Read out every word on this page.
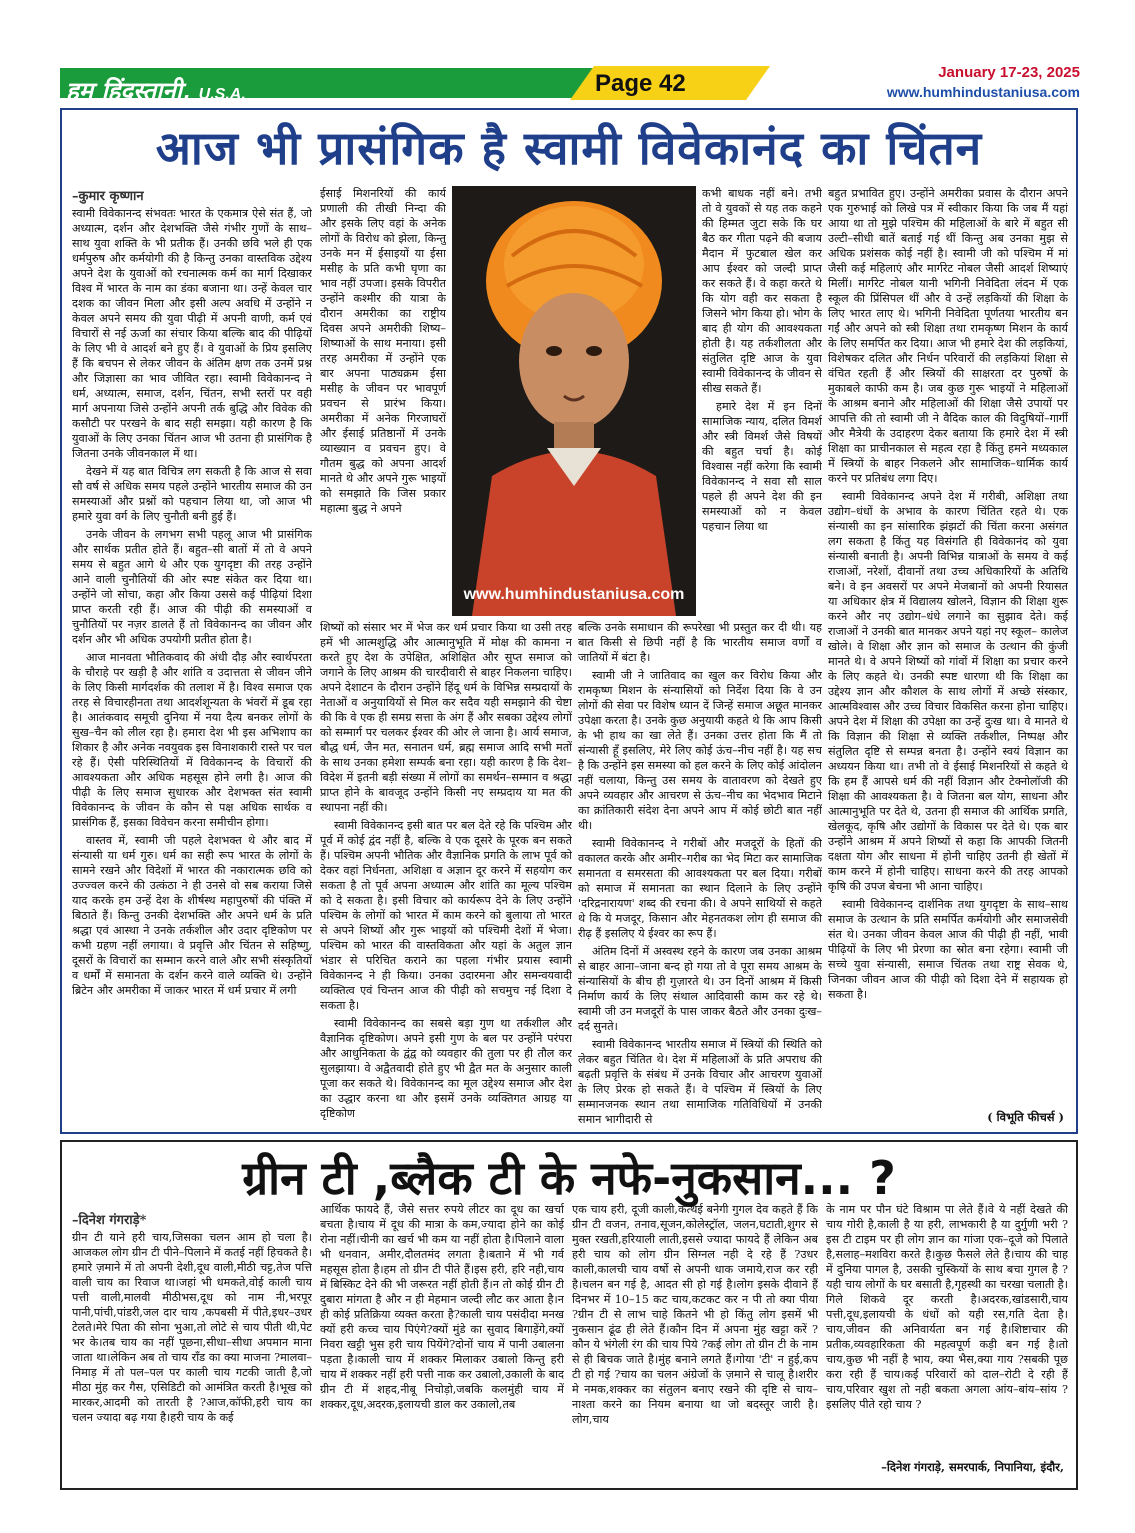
हम हिंदुस्तानी, U.S.A.	Page 42	January 17-23, 2025
www.humhindustaniusa.com
आज भी प्रासंगिक है स्वामी विवेकानंद का चिंतन
–कुमार कृष्णान

स्वामी विवेकानन्द संभवतः भारत के एकमात्र ऐसे संत हैं, जो अध्यात्म, दर्शन और देशभक्ति जैसे गंभीर गुणों के साथ–साथ युवा शक्ति के भी प्रतीक हैं। उनकी छवि भले ही एक धर्मपुरुष और कर्मयोगी की है किन्तु उनका वास्तविक उद्देश्य अपने देश के युवाओं को रचनात्मक कर्म का मार्ग दिखाकर विश्व में भारत के नाम का डंका बजाना था। उन्हें केवल चार दशक का जीवन मिला और इसी अल्प अवधि में उन्होंने न केवल अपने समय की युवा पीढ़ी में अपनी वाणी, कर्म एवं विचारों से नई ऊर्जा का संचार किया बल्कि बाद की पीढ़ियों के लिए भी वे आदर्श बने हुए हैं। वे युवाओं के प्रिय इसलिए हैं कि बचपन से लेकर जीवन के अंतिम क्षण तक उनमें प्रश्न और जिज्ञासा का भाव जीवित रहा। स्वामी विवेकानन्द ने धर्म, अध्यात्म, समाज, दर्शन, चिंतन, सभी स्तरों पर वही मार्ग अपनाया जिसे उन्होंने अपनी तर्क बुद्धि और विवेक की कसौटी पर परखने के बाद सही समझा। यही कारण है कि युवाओं के लिए उनका चिंतन आज भी उतना ही प्रासंगिक है जितना उनके जीवनकाल में था।

देखने में यह बात विचित्र लग सकती है कि आज से सवा सौ वर्ष से अधिक समय पहले उन्होंने भारतीय समाज की उन समस्याओं और प्रश्नों को पहचान लिया था, जो आज भी हमारे युवा वर्ग के लिए चुनौती बनी हुई हैं।

उनके जीवन के लगभग सभी पहलू आज भी प्रासंगिक और सार्थक प्रतीत होते हैं। बहुत–सी बातों में तो वे अपने समय से बहुत आगे थे और एक युगदृष्टा की तरह उन्होंने आने वाली चुनौतियों की ओर स्पष्ट संकेत कर दिया था। उन्होंने जो सोचा, कहा और किया उससे कई पीढ़ियां दिशा प्राप्त करती रही हैं। आज की पीढ़ी की समस्याओं व चुनौतियों पर नज़र डालते हैं तो विवेकानन्द का जीवन और दर्शन और भी अधिक उपयोगी प्रतीत होता है।

आज मानवता भौतिकवाद की अंधी दौड़ और स्वार्थपरता के चौराहे पर खड़ी है और शांति व उदात्तता से जीवन जीने के लिए किसी मार्गदर्शक की तलाश में है। विश्व समाज एक तरह से विचारहीनता तथा आदर्शशून्यता के भंवरों में डूब रहा है। आतंकवाद समूची दुनिया में नया दैत्य बनकर लोगों के सुख–चैन को लील रहा है। हमारा देश भी इस अभिशाप का शिकार है और अनेक नवयुवक इस विनाशकारी रास्ते पर चल रहे हैं। ऐसी परिस्थितियों में विवेकानन्द के विचारों की आवश्यकता और अधिक महसूस होने लगी है। आज की पीढ़ी के लिए समाज सुधारक और देशभक्त संत स्वामी विवेकानन्द के जीवन के कौन से पक्ष अधिक सार्थक व प्रासंगिक हैं, इसका विवेचन करना समीचीन होगा।

वास्तव में, स्वामी जी पहले देशभक्त थे और बाद में संन्यासी या धर्म गुरु। धर्म का सही रूप भारत के लोगों के सामने रखने और विदेशों में भारत की नकारात्मक छवि को उज्ज्वल करने की उत्कंठा ने ही उनसे वो सब कराया जिसे याद करके हम उन्हें देश के शीर्षस्थ महापुरुषों की पंक्ति में बिठाते हैं। किन्तु उनकी देशभक्ति और अपने धर्म के प्रति श्रद्धा एवं आस्था ने उनके तर्कशील और उदार दृष्टिकोण पर कभी ग्रहण नहीं लगाया। वे प्रवृत्ति और चिंतन से सहिष्णु, दूसरों के विचारों का सम्मान करने वाले और सभी संस्कृतियों व धर्मों में समानता के दर्शन करने वाले व्यक्ति थे। उन्होंने ब्रिटेन और अमरीका में जाकर भारत में धर्म प्रचार में लगी

ईसाई मिशनरियों की कार्य प्रणाली की तीखी निन्दा की और इसके लिए वहां के अनेक लोगों के विरोध को झेला, किन्तु उनके मन में ईसाइयों या ईसा मसीह के प्रति कभी घृणा का भाव नहीं उपजा। इसके विपरीत उन्होंने कश्मीर की यात्रा के दौरान अमरीका का राष्ट्रीय दिवस अपने अमरीकी शिष्य–शिष्याओं के साथ मनाया। इसी तरह अमरीका में उन्होंने एक बार अपना पाठ्यक्रम ईसा मसीह के जीवन पर भावपूर्ण प्रवचन से प्रारंभ किया। अमरीका में अनेक गिरजाघरों और ईसाई प्रतिष्ठानों में उनके व्याख्यान व प्रवचन हुए। वे गौतम बुद्ध को अपना आदर्श मानते थे और अपने गुरू भाइयों को समझाते कि जिस प्रकार महात्मा बुद्ध ने अपने

www.humhindustaniusa.com

कभी बाधक नहीं बने। तभी तो वे युवकों से यह तक कहने की हिम्मत जुटा सके कि घर बैठ कर गीता पढ़ने की बजाय मैदान में फुटबाल खेल कर आप ईश्वर को जल्दी प्राप्त कर सकते हैं। वे कहा करते थे कि योग वही कर सकता है जिसने भोग किया हो। भोग के बाद ही योग की आवश्यकता होती है। यह तर्कशीलता और संतुलित दृष्टि आज के युवा स्वामी विवेकानन्द के जीवन से सीख सकते हैं।

हमारे देश में इन दिनों सामाजिक न्याय, दलित विमर्श और स्त्री विमर्श जैसे विषयों की बहुत चर्चा है। कोई विश्वास नहीं करेगा कि स्वामी विवेकानन्द ने सवा सौ साल पहले ही अपने देश की इन समस्याओं को न केवल पहचान लिया था

शिष्यों को संसार भर में भेज कर धर्म प्रचार किया था उसी तरह हमें भी आत्मशुद्धि और आत्मानुभूति में मोक्ष की कामना न करते हुए देश के उपेक्षित, अशिक्षित और सुप्त समाज को जगाने के लिए आश्रम की चारदीवारी से बाहर निकलना चाहिए। अपने देशाटन के दौरान उन्होंने हिंदू धर्म के विभिन्न सम्प्रदायों के नेताओं व अनुयायियों से मिल कर सदैव यही समझाने की चेष्टा की कि वे एक ही समग्र सत्ता के अंग हैं और सबका उद्देश्य लोगों को सम्मार्ग पर चलकर ईश्वर की ओर ले जाना है। आर्य समाज, बौद्ध धर्म, जैन मत, सनातन धर्म, ब्रह्म समाज आदि सभी मतों के साथ उनका हमेशा सम्पर्क बना रहा। यही कारण है कि देश–विदेश में इतनी बड़ी संख्या में लोगों का समर्थन–सम्मान व श्रद्धा प्राप्त होने के बावजूद उन्होंने किसी नए सम्प्रदाय या मत की स्थापना नहीं की।

स्वामी विवेकानन्द इसी बात पर बल देते रहे कि पश्चिम और पूर्व में कोई द्वंद नहीं है, बल्कि वे एक दूसरे के पूरक बन सकते हैं। पश्चिम अपनी भौतिक और वैज्ञानिक प्रगति के लाभ पूर्व को देकर वहां निर्धनता, अशिक्षा व अज्ञान दूर करने में सहयोग कर सकता है तो पूर्व अपना अध्यात्म और शांति का मूल्य पश्चिम को दे सकता है। इसी विचार को कार्यरूप देने के लिए उन्होंने पश्चिम के लोगों को भारत में काम करने को बुलाया तो भारत से अपने शिष्यों और गुरू भाइयों को पश्चिमी देशों में भेजा। पश्चिम को भारत की वास्तविकता और यहां के अतुल ज्ञान भंडार से परिचित कराने का पहला गंभीर प्रयास स्वामी विवेकानन्द ने ही किया। उनका उदारमना और समन्वयवादी व्यक्तित्व एवं चिन्तन आज की पीढ़ी को सचमुच नई दिशा दे सकता है।

स्वामी विवेकानन्द का सबसे बड़ा गुण था तर्कशील और वैज्ञानिक दृष्टिकोण। अपने इसी गुण के बल पर उन्होंने परंपरा और आधुनिकता के द्वंद्व को व्यवहार की तुला पर ही तौल कर सुलझाया। वे अद्वैतवादी होते हुए भी द्वैत मत के अनुसार काली पूजा कर सकते थे। विवेकानन्द का मूल उद्देश्य समाज और देश का उद्धार करना था और इसमें उनके व्यक्तिगत आग्रह या दृष्टिकोण

बल्कि उनके समाधान की रूपरेखा भी प्रस्तुत कर दी थी। यह बात किसी से छिपी नहीं है कि भारतीय समाज वर्णों व जातियों में बंटा है।

स्वामी जी ने जातिवाद का खुल कर विरोध किया और रामकृष्ण मिशन के संन्यासियों को निर्देश दिया कि वे उन लोगों की सेवा पर विशेष ध्यान दें जिन्हें समाज अछूत मानकर उपेक्षा करता है। उनके कुछ अनुयायी कहते थे कि आप किसी के भी हाथ का खा लेते हैं। उनका उत्तर होता कि मैं तो संन्यासी हूँ इसलिए, मेरे लिए कोई ऊंच–नीच नहीं है। यह सच है कि उन्होंने इस समस्या को हल करने के लिए कोई आंदोलन नहीं चलाया, किन्तु उस समय के वातावरण को देखते हुए अपने व्यवहार और आचरण से ऊंच–नीच का भेदभाव मिटाने का क्रांतिकारी संदेश देना अपने आप में कोई छोटी बात नहीं थी।

स्वामी विवेकानन्द ने गरीबों और मजदूरों के हितों की वकालत करके और अमीर–गरीब का भेद मिटा कर सामाजिक समानता व समरसता की आवश्यकता पर बल दिया। गरीबों को समाज में समानता का स्थान दिलाने के लिए उन्होंने 'दरिद्रनारायण' शब्द की रचना की। वे अपने साथियों से कहते थे कि ये मजदूर, किसान और मेहनतकश लोग ही समाज की रीढ़ हैं इसलिए ये ईश्वर का रूप हैं।

अंतिम दिनों में अस्वस्थ रहने के कारण जब उनका आश्रम से बाहर आना–जाना बन्द हो गया तो वे पूरा समय आश्रम के संन्यासियों के बीच ही गुज़ारते थे। उन दिनों आश्रम में किसी निर्माण कार्य के लिए संथाल आदिवासी काम कर रहे थे। स्वामी जी उन मजदूरों के पास जाकर बैठते और उनका दुःख–दर्द सुनते।

स्वामी विवेकानन्द भारतीय समाज में स्त्रियों की स्थिति को लेकर बहुत चिंतित थे। देश में महिलाओं के प्रति अपराध की बढ़ती प्रवृत्ति के संबंध में उनके विचार और आचरण युवाओं के लिए प्रेरक हो सकते हैं। वे पश्चिम में स्त्रियों के लिए सम्मानजनक स्थान तथा सामाजिक गतिविधियों में उनकी समान भागीदारी से

बहुत प्रभावित हुए। उन्होंने अमरीका प्रवास के दौरान अपने एक गुरुभाई को लिखे पत्र में स्वीकार किया कि जब मैं यहां आया था तो मुझे पश्चिम की महिलाओं के बारे में बहुत सी उल्टी–सीधी बातें बताई गई थीं किन्तु अब उनका मुझ से अधिक प्रशंसक कोई नहीं है। स्वामी जी को पश्चिम में मां जैसी कई महिलाएं और मार्गरेट नोबल जैसी आदर्श शिष्याएं मिलीं। मार्गरेट नोबल यानी भगिनी निवेदिता लंदन में एक स्कूल की प्रिंसिपल थीं और वे उन्हें लड़कियों की शिक्षा के लिए भारत लाए थे। भगिनी निवेदिता पूर्णतया भारतीय बन गईं और अपने को स्त्री शिक्षा तथा रामकृष्ण मिशन के कार्य के लिए समर्पित कर दिया। आज भी हमारे देश की लड़कियां, विशेषकर दलित और निर्धन परिवारों की लड़कियां शिक्षा से वंचित रहती हैं और स्त्रियों की साक्षरता दर पुरुषों के मुकाबले काफी कम है। जब कुछ गुरू भाइयों ने महिलाओं के आश्रम बनाने और महिलाओं की शिक्षा जैसे उपायों पर आपत्ति की तो स्वामी जी ने वैदिक काल की विदुषियों–गार्गी और मैत्रेयी के उदाहरण देकर बताया कि हमारे देश में स्त्री शिक्षा का प्राचीनकाल से महत्व रहा है किंतु हमने मध्यकाल में स्त्रियों के बाहर निकलने और सामाजिक–धार्मिक कार्य करने पर प्रतिबंध लगा दिए।

स्वामी विवेकानन्द अपने देश में गरीबी, अशिक्षा तथा उद्योग–धंधों के अभाव के कारण चिंतित रहते थे। एक संन्यासी का इन सांसारिक झंझटों की चिंता करना असंगत लग सकता है किंतु यह विसंगति ही विवेकानंद को युवा संन्यासी बनाती है। अपनी विभिन्न यात्राओं के समय वे कई राजाओं, नरेशों, दीवानों तथा उच्च अधिकारियों के अतिथि बने। वे इन अवसरों पर अपने मेजबानों को अपनी रियासत या अधिकार क्षेत्र में विद्यालय खोलने, विज्ञान की शिक्षा शुरू करने और नए उद्योग–धंधे लगाने का सुझाव देते। कई राजाओं ने उनकी बात मानकर अपने यहां नए स्कूल– कालेज खोले। वे शिक्षा और ज्ञान को समाज के उत्थान की कुंजी मानते थे। वे अपने शिष्यों को गांवों में शिक्षा का प्रचार करने के लिए कहते थे। उनकी स्पष्ट धारणा थी कि शिक्षा का उद्देश्य ज्ञान और कौशल के साथ लोगों में अच्छे संस्कार, आत्मविश्वास और उच्च विचार विकसित करना होना चाहिए। अपने देश में शिक्षा की उपेक्षा का उन्हें दुःख था। वे मानते थे कि विज्ञान की शिक्षा से व्यक्ति तर्कशील, निष्पक्ष और संतुलित दृष्टि से सम्पन्न बनता है। उन्होंने स्वयं विज्ञान का अध्ययन किया था। तभी तो वे ईसाई मिशनरियों से कहते थे कि हम हैं आपसे धर्म की नहीं विज्ञान और टेक्नोलॉजी की शिक्षा की आवश्यकता है। वे जितना बल योग, साधना और आत्मानुभूति पर देते थे, उतना ही समाज की आर्थिक प्रगति, खेलकूद, कृषि और उद्योगों के विकास पर देते थे। एक बार उन्होंने आश्रम में अपने शिष्यों से कहा कि आपकी जितनी दक्षता योग और साधना में होनी चाहिए उतनी ही खेतों में काम करने में होनी चाहिए। साधना करने की तरह आपको कृषि की उपज बेचना भी आना चाहिए।

स्वामी विवेकानन्द दार्शनिक तथा युगदृष्टा के साथ–साथ समाज के उत्थान के प्रति समर्पित कर्मयोगी और समाजसेवी संत थे। उनका जीवन केवल आज की पीढ़ी ही नहीं, भावी पीढ़ियों के लिए भी प्रेरणा का स्रोत बना रहेगा। स्वामी जी सच्चे युवा संन्यासी, समाज चिंतक तथा राष्ट्र सेवक थे, जिनका जीवन आज की पीढ़ी को दिशा देने में सहायक हो सकता है।

( विभूति फीचर्स )
ग्रीन टी ,ब्लैक टी के नफे-नुकसान... ?
–दिनेश गंगराड़े*

ग्रीन टी याने हरी चाय,जिसका चलन आम हो चला है।आजकल लोग ग्रीन टी पीने–पिलाने में कतई नहीं हिचकते है।हमारे ज़माने में तो अपनी देशी,दूध वाली,मीठी चट्ट,तेज पत्ति वाली चाय का रिवाज था।जहां भी धमकते,वोई काली चाय पत्ती वाली,मालवी मीठीभस,दूध को नाम नी,भरपूर पानी,पांची,पांडरी,जल दार चाय ,कपबसी में पीते,इधर–उधर टेलते।मेरे पिता की सोना भुआ,तो लोटे से चाय पीती थी,पेट भर के।तब चाय का नहीं पूछना,सीधा–सीधा अपमान माना जाता था।लेकिन अब तो चाय राँड का क्या माजना ?मालवा–निमाड़ में तो पल–पल पर काली चाय गटकी जाती है,जो मीठा मुंह कर गैस, एसिडिटी को आमंत्रित करती है।भूख को मारकर,आदमी को तारती है ?आज,कॉफी,हरी चाय का चलन ज्यादा बढ़ गया है।हरी चाय के कई

आर्थिक फायदे हैं, जैसे सत्तर रुपये लीटर का दूध का खर्चा बचता है।चाय में दूध की मात्रा के कम,ज्यादा होने का कोई रोना नहीं।चीनी का खर्च भी कम या नहीं होता है।पिलाने वाला भी धनवान, अमीर,दौलतमंद लगता है।बताने में भी गर्व महसूस होता है।हम तो ग्रीन टी पीते हैं।इस हरी, हरि नही,चाय में बिस्किट देने की भी जरूरत नहीं होती हैं।न तो कोई ग्रीन टी दुबारा मांगता है और न ही मेहमान जल्दी लौट कर आता है।न ही कोई प्रतिक्रिया व्यक्त करता है?काली चाय पसंदीदा मनख क्यों हरी कच्च चाय पिएंगे?क्यों मुंडे का सुवाद बिगाड़ेंगे,क्यों निवरा खट्टी भुस हरी चाय पियेंगे?दोनों चाय में पानी उबालना पड़ता है।काली चाय में शक्कर मिलाकर उबालो किन्तु हरी चाय में शक्कर नहीं हरी पत्ती नाक कर उबालो,उकाली के बाद ग्रीन टी में शहद,नीबू निचोड़ो,जबकि कलमुंही चाय में शक्कर,दूध,अदरक,इलायची डाल कर उकालो,तब

एक चाय हरी, दूजी काली,कत्थई बनेगी गुगल देव कहते हैं कि ग्रीन टी वजन, तनाव,सूजन,कोलेस्ट्रॉल, जलन,घटाती,शुगर से मुक्त रखती,हरियाली लाती,इससे ज्यादा फायदे हैं लेकिन अब हरी चाय को लोग ग्रीन सिग्नल नही दे रहे हैं ?उधर काली,कालची चाय वर्षो से अपनी धाक जमाये,राज कर रही है।चलन बन गई है, आदत सी हो गई है।लोग इसके दीवाने हैं दिनभर में 10–15 कट चाय,कटकट कर न पी तो क्या पीया ?ग्रीन टी से लाभ चाहे कितने भी हो किंतु लोग इसमें भी नुकसान ढूंढ ही लेते हैं।कौन दिन में अपना मुंह खट्टा करें ?कौन ये भंगेली रंग की चाय पिये ?कई लोग तो ग्रीन टी के नाम से ही बिचक जाते है।मुंह बनाने लगते हैं।गोया 'टी' न हुई,कप टी हो गई ?चाय का चलन अंग्रेजों के ज़माने से चालू है।शरीर मे नमक,शक्कर का संतुलन बनाए रखने की दृष्टि से चाय–नाश्ता करने का नियम बनाया था जो बदस्तूर जारी है।लोग,चाय

के नाम पर पौन घंटे विश्राम पा लेते हैं।वे ये नहीं देखते की चाय गोरी है,काली है या हरी, लाभकारी है या दुर्गुणी भरी ?इस टी टाइम पर ही लोग ज्ञान का गांजा एक–दूजे को पिलाते है,सलाह–मशविरा करते है।कुछ फैसले लेते है।चाय की चाह में दुनिया पागल है, उसकी चुस्कियों के साथ बचा गुगल है ?यही चाय लोगों के घर बसाती है,गृहस्थी का चरखा चलाती है।गिले शिकवे दूर करती है।अदरक,खांडसारी,चाय पत्ती,दूध,इलायची के धंधों को यही रस,गति देता है।चाय,जीवन की अनिवार्यता बन गई है।शिष्टाचार की प्रतीक,व्यवहारिकता की महत्वपूर्ण कड़ी बन गई है।तो चाय,कुछ भी नहीं है भाय, क्या भैस,क्या गाय ?सबकी पूछ करा रही हैं चाय।कई परिवारों को दाल–रोटी दे रही हैं चाय,परिवार खुश तो नही बकता अगला आंय–बांय–सांय ?इसलिए पीते रहो चाय ?

–दिनेश गंगराड़े, समरपार्क, निपानिया, इंदौर,
